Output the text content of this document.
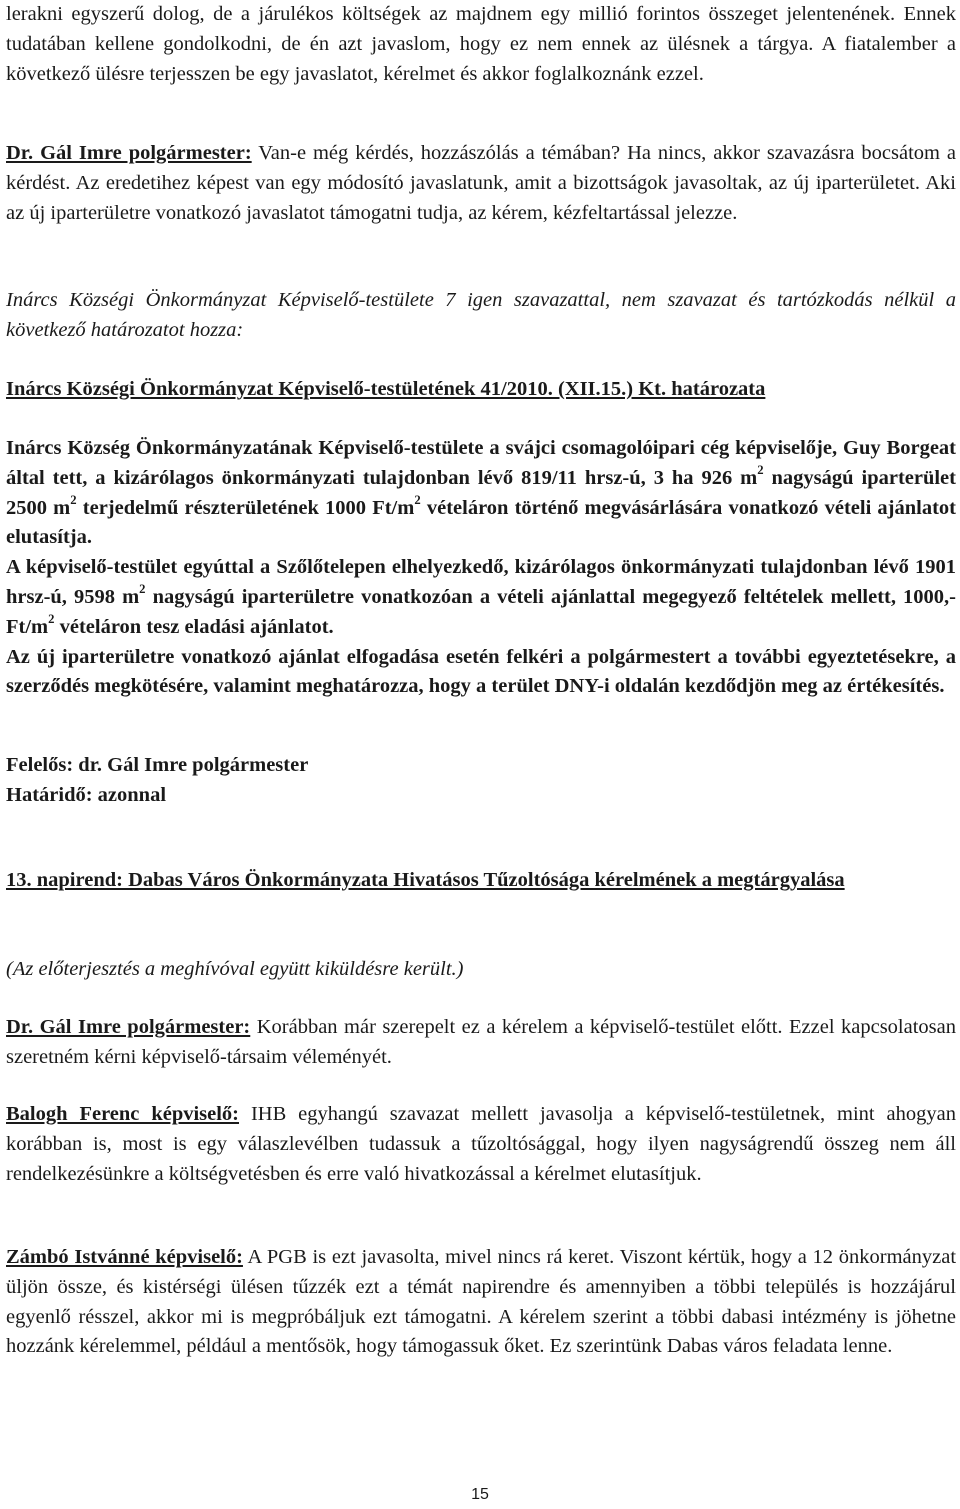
lerakni egyszerű dolog, de a járulékos költségek az majdnem egy millió forintos összeget jelentenének. Ennek tudatában kellene gondolkodni, de én azt javaslom, hogy ez nem ennek az ülésnek a tárgya. A fiatalember a következő ülésre terjesszen be egy javaslatot, kérelmet és akkor foglalkoznánk ezzel.

Dr. Gál Imre polgármester: Van-e még kérdés, hozzászólás a témában? Ha nincs, akkor szavazásra bocsátom a kérdést. Az eredetihez képest van egy módosító javaslatunk, amit a bizottságok javasoltak, az új iparterületet. Aki az új iparterületre vonatkozó javaslatot támogatni tudja, az kérem, kézfeltartással jelezze.

Inárcs Községi Önkormányzat Képviselő-testülete 7 igen szavazattal, nem szavazat és tartózkodás nélkül a következő határozatot hozza:

Inárcs Községi Önkormányzat Képviselő-testületének 41/2010. (XII.15.) Kt. határozata

Inárcs Község Önkormányzatának Képviselő-testülete a svájci csomagolóipari cég képviselője, Guy Borgeat által tett, a kizárólagos önkormányzati tulajdonban lévő 819/11 hrsz-ú, 3 ha 926 $m^2$ nagyságú iparterület 2500 $m^2$ terjedelmű részterületének 1000 $Ft/m^2$ vételáron történő megvásárlására vonatkozó vételi ajánlatot elutasítja.

A képviselő-testület egyúttal a Szőlőtelepen elhelyezkedő, kizárólagos önkormányzati tulajdonban lévő 1901 hrsz-ú, 9598 $m^2$ nagyságú iparterületre vonatkozóan a vételi ajánlattal megegyező feltételek mellett, 1000,- $Ft/m^2$ vételáron tesz eladási ajánlatot.

Az új iparterületre vonatkozó ajánlat elfogadása esetén felkéri a polgármestert a további egyeztetésekre, a szerződés megkötésére, valamint meghatározza, hogy a terület DNY-i oldalán kezdődjön meg az értékesítés.

Felelős: dr. Gál Imre polgármester

Határidő: azonnal

13. napirend: Dabas Város Önkormányzata Hivatásos Tűzoltósága kérelmének a megtárgyalása

(Az előterjesztés a meghívóval együtt kiküldésre került.)

Dr. Gál Imre polgármester: Korábban már szerepelt ez a kérelem a képviselő-testület előtt. Ezzel kapcsolatosan szeretném kérni képviselő-társaim véleményét.

Balogh Ferenc képviselő: IHB egyhangú szavazat mellett javasolja a képviselő-testületnek, mint ahogyan korábban is, most is egy válaszlevélben tudassuk a tűzoltósággal, hogy ilyen nagyságrendű összeg nem áll rendelkezésünkre a költségvetésben és erre való hivatkozással a kérelmet elutasítjuk.

Zámbó Istvánné képviselő: A PGB is ezt javasolta, mivel nincs rá keret. Viszont kértük, hogy a 12 önkormányzat üljön össze, és kistérségi ülésen tűzzék ezt a témát napirendre és amennyiben a többi település is hozzájárul egyenlő résszel, akkor mi is megpróbáljuk ezt támogatni. A kérelem szerint a többi dabasi intézmény is jöhetne hozzánk kérelemmel, például a mentősök, hogy támogassuk őket. Ez szerintünk Dabas város feladata lenne.

15
